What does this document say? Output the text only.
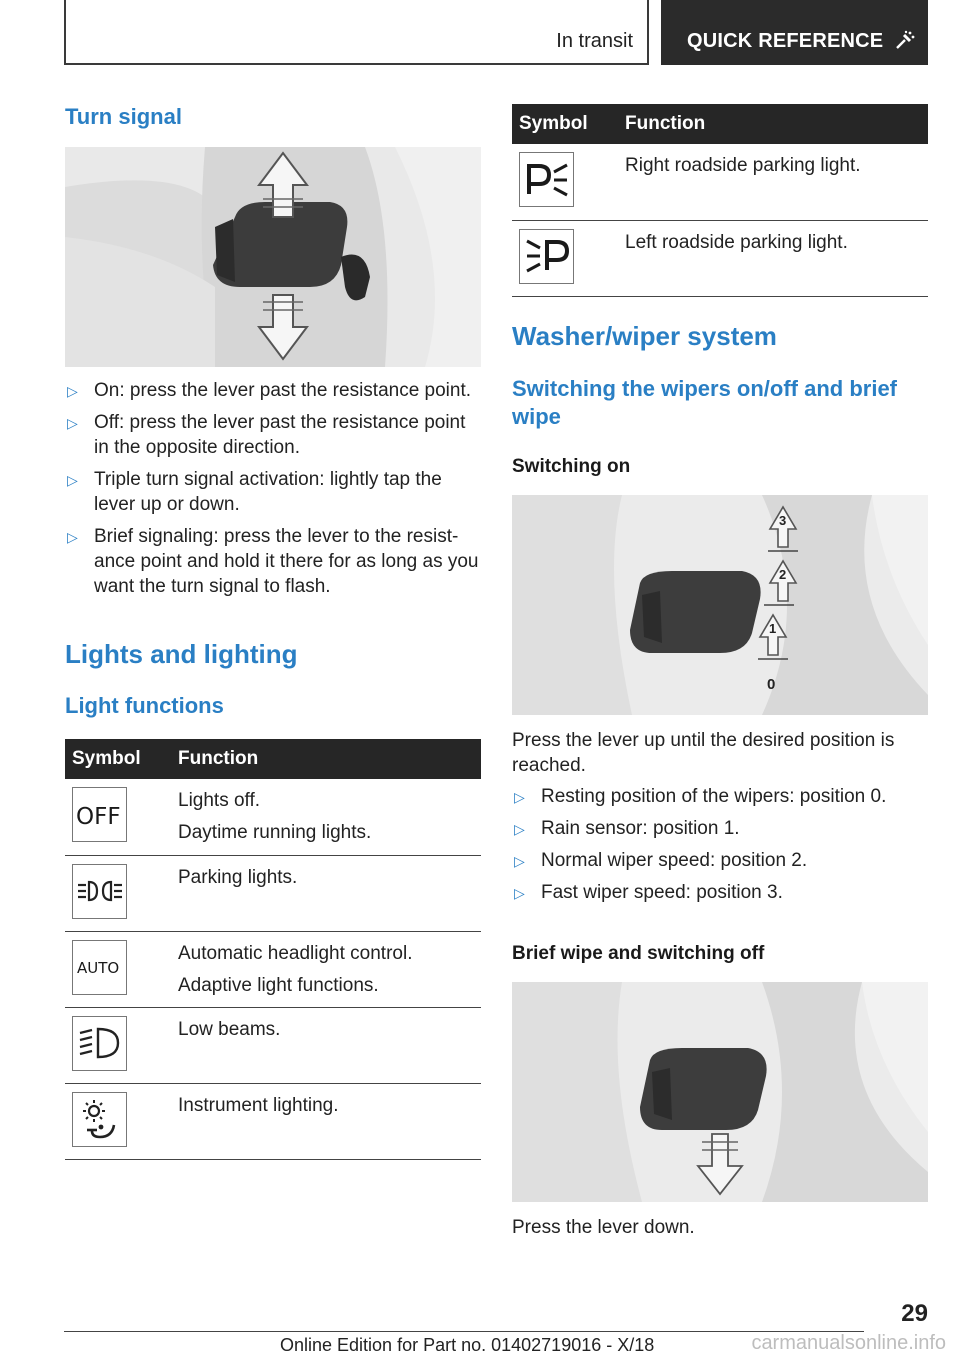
In transit	QUICK REFERENCE
Turn signal
▷ On: press the lever past the resistance point.
▷ Off: press the lever past the resistance point in the opposite direction.
▷ Triple turn signal activation: lightly tap the lever up or down.
▷ Brief signaling: press the lever to the resist‐ ance point and hold it there for as long as you want the turn signal to flash.
Lights and lighting
Light functions
Symbol	Function

OFF	Lights off.
Daytime running lights.

Parking lights.

AUTO	Automatic headlight control.
Adaptive light functions.

Low beams.

Instrument lighting.
Symbol	Function

Right roadside parking light.

Left roadside parking light.
Washer/wiper system
Switching the wipers on/off and brief wipe
Switching on
3
2
1
0
Press the lever up until the desired position is reached.
▷ Resting position of the wipers: position 0.
▷ Rain sensor: position 1.
▷ Normal wiper speed: position 2.
▷ Fast wiper speed: position 3.
Brief wipe and switching off
Press the lever down.
29
Online Edition for Part no. 01402719016 - X/18	carmanualsonline.info
